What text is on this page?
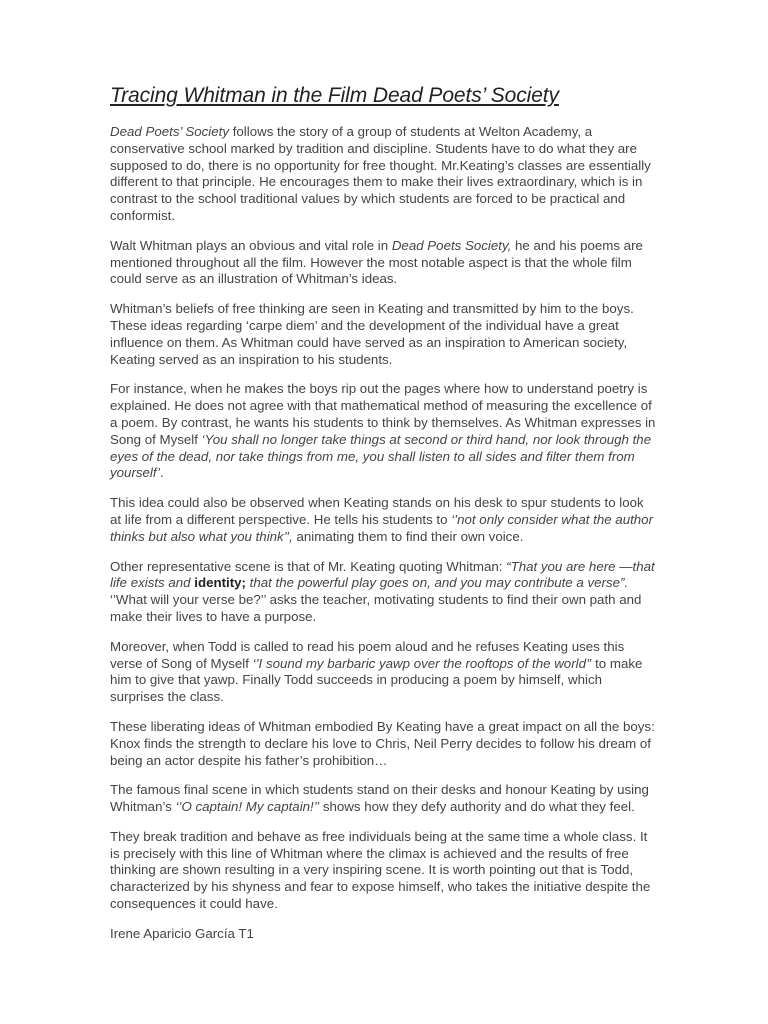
Tracing Whitman in the Film Dead Poets’ Society

Dead Poets’ Society follows the story of a group of students at Welton Academy, a conservative school marked by tradition and discipline. Students have to do what they are supposed to do, there is no opportunity for free thought. Mr.Keating’s classes are essentially different to that principle. He encourages them to make their lives extraordinary, which is in contrast to the school traditional values by which students are forced to be practical and conformist.

Walt Whitman plays an obvious and vital role in Dead Poets Society, he and his poems are mentioned throughout all the film. However the most notable aspect is that the whole film could serve as an illustration of Whitman’s ideas.

Whitman’s beliefs of free thinking are seen in Keating and transmitted by him to the boys. These ideas regarding ‘carpe diem’ and the development of the individual have a great influence on them. As Whitman could have served as an inspiration to American society, Keating served as an inspiration to his students.

For instance, when he makes the boys rip out the pages where how to understand poetry is explained. He does not agree with that mathematical method of measuring the excellence of a poem. By contrast, he wants his students to think by themselves. As Whitman expresses in Song of Myself ‘You shall no longer take things at second or third hand, nor look through the eyes of the dead, nor take things from me, you shall listen to all sides and filter them from yourself’.

This idea could also be observed when Keating stands on his desk to spur students to look at life from a different perspective. He tells his students to ‘’not only consider what the author thinks but also what you think’’, animating them to find their own voice.

Other representative scene is that of Mr. Keating quoting Whitman: “That you are here —that life exists and identity; that the powerful play goes on, and you may contribute a verse”. ‘’What will your verse be?’’ asks the teacher, motivating students to find their own path and make their lives to have a purpose.

Moreover, when Todd is called to read his poem aloud and he refuses Keating uses this verse of Song of Myself ‘’I sound my barbaric yawp over the rooftops of the world’’ to make him to give that yawp. Finally Todd succeeds in producing a poem by himself, which surprises the class.

These liberating ideas of Whitman embodied By Keating have a great impact on all the boys: Knox finds the strength to declare his love to Chris, Neil Perry decides to follow his dream of being an actor despite his father’s prohibition…

The famous final scene in which students stand on their desks and honour Keating by using Whitman’s ‘’O captain! My captain!’’ shows how they defy authority and do what they feel.

They break tradition and behave as free individuals being at the same time a whole class. It is precisely with this line of Whitman where the climax is achieved and the results of free thinking are shown resulting in a very inspiring scene. It is worth pointing out that is Todd, characterized by his shyness and fear to expose himself, who takes the initiative despite the consequences it could have.

Irene Aparicio García T1
